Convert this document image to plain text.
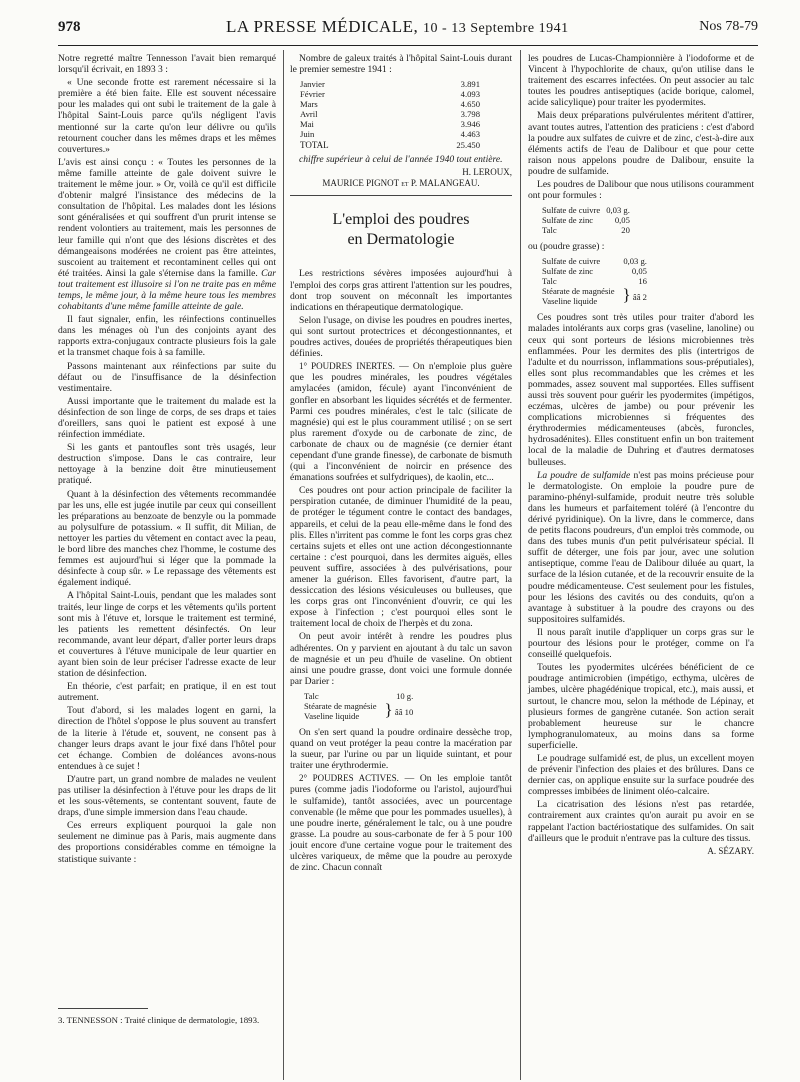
978	LA PRESSE MÉDICALE, 10 - 13 Septembre 1941	Nos 78-79

Notre regretté maître Tennesson l'avait bien remarqué lorsqu'il écrivait, en 1893 3 :

« Une seconde frotte est rarement nécessaire si la première a été bien faite. Elle est souvent nécessaire pour les malades qui ont subi le traitement de la gale à l'hôpital Saint-Louis parce qu'ils négligent l'avis mentionné sur la carte qu'on leur délivre ou qu'ils retournent coucher dans les mêmes draps et les mêmes couvertures.»

L'avis est ainsi conçu : « Toutes les personnes de la même famille atteinte de gale doivent suivre le traitement le même jour. » Or, voilà ce qu'il est difficile d'obtenir malgré l'insistance des médecins de la consultation de l'hôpital. Les malades dont les lésions sont généralisées et qui souffrent d'un prurit intense se rendent volontiers au traitement, mais les personnes de leur famille qui n'ont que des lésions discrètes et des démangeaisons modérées ne croient pas être atteintes, suscoient au traitement et recontaminent celles qui ont été traitées. Ainsi la gale s'éternise dans la famille. Car tout traitement est illusoire si l'on ne traite pas en même temps, le même jour, à la même heure tous les membres cohabitants d'une même famille atteinte de gale.

Il faut signaler, enfin, les réinfections continuelles dans les ménages où l'un des conjoints ayant des rapports extra-conjugaux contracte plusieurs fois la gale et la transmet chaque fois à sa famille.

Passons maintenant aux réinfections par suite du défaut ou de l'insuffisance de la désinfection vestimentaire.

Aussi importante que le traitement du malade est la désinfection de son linge de corps, de ses draps et taies d'oreillers, sans quoi le patient est exposé à une réinfection immédiate.

Si les gants et pantoufles sont très usagés, leur destruction s'impose. Dans le cas contraire, leur nettoyage à la benzine doit être minutieusement pratiqué.

Quant à la désinfection des vêtements recommandée par les uns, elle est jugée inutile par ceux qui conseillent les préparations au benzoate de benzyle ou la pommade au polysulfure de potassium. « Il suffit, dit Milian, de nettoyer les parties du vêtement en contact avec la peau, le bord libre des manches chez l'homme, le costume des femmes est aujourd'hui si léger que la pommade la désinfecte à coup sûr. » Le repassage des vêtements est également indiqué.

A l'hôpital Saint-Louis, pendant que les malades sont traités, leur linge de corps et les vêtements qu'ils portent sont mis à l'étuve et, lorsque le traitement est terminé, les patients les remettent désinfectés. On leur recommande, avant leur départ, d'aller porter leurs draps et couvertures à l'étuve municipale de leur quartier en ayant bien soin de leur préciser l'adresse exacte de leur station de désinfection.

En théorie, c'est parfait; en pratique, il en est tout autrement.

Tout d'abord, si les malades logent en garni, la direction de l'hôtel s'oppose le plus souvent au transfert de la literie à l'étude et, souvent, ne consent pas à changer leurs draps avant le jour fixé dans l'hôtel pour cet échange. Combien de doléances avons-nous entendues à ce sujet !

D'autre part, un grand nombre de malades ne veulent pas utiliser la désinfection à l'étuve pour les draps de lit et les sous-vêtements, se contentant souvent, faute de draps, d'une simple immersion dans l'eau chaude.

Ces erreurs expliquent pourquoi la gale non seulement ne diminue pas à Paris, mais augmente dans des proportions considérables comme en témoigne la statistique suivante :

3. TENNESSON : Traité clinique de dermatologie, 1893.

Nombre de galeux traités à l'hôpital Saint-Louis durant le premier semestre 1941 :

Janvier	3.891
Février	4.093
Mars	4.650
Avril	3.798
Mai	3.946
Juin	4.463
TOTAL	25.450

chiffre supérieur à celui de l'année 1940 tout entière.

H. LEROUX,
MAURICE PIGNOT et P. MALANGEAU.
L'emploi des poudres
en Dermatologie

Les restrictions sévères imposées aujourd'hui à l'emploi des corps gras attirent l'attention sur les poudres, dont trop souvent on méconnaît les importantes indications en thérapeutique dermatologique.

Selon l'usage, on divise les poudres en poudres inertes, qui sont surtout protectrices et décongestionnantes, et poudres actives, douées de propriétés thérapeutiques bien définies.

1° POUDRES INERTES. — On n'emploie plus guère que les poudres minérales, les poudres végétales amylacées (amidon, fécule) ayant l'inconvénient de gonfler en absorbant les liquides sécrétés et de fermenter. Parmi ces poudres minérales, c'est le talc (silicate de magnésie) qui est le plus couramment utilisé ; on se sert plus rarement d'oxyde ou de carbonate de zinc, de carbonate de chaux ou de magnésie (ce dernier étant cependant d'une grande finesse), de carbonate de bismuth (qui a l'inconvénient de noircir en présence des émanations soufrées et sulfydriques), de kaolin, etc...

Ces poudres ont pour action principale de faciliter la perspiration cutanée, de diminuer l'humidité de la peau, de protéger le tégument contre le contact des bandages, appareils, et celui de la peau elle-même dans le fond des plis. Elles n'irritent pas comme le font les corps gras chez certains sujets et elles ont une action décongestionnante certaine : c'est pourquoi, dans les dermites aiguës, elles peuvent suffire, associées à des pulvérisations, pour amener la guérison. Elles favorisent, d'autre part, la dessiccation des lésions vésiculeuses ou bulleuses, que les corps gras ont l'inconvénient d'ouvrir, ce qui les expose à l'infection ; c'est pourquoi elles sont le traitement local de choix de l'herpès et du zona.

On peut avoir intérêt à rendre les poudres plus adhérentes. On y parvient en ajoutant à du talc un savon de magnésie et un peu d'huile de vaseline. On obtient ainsi une poudre grasse, dont voici une formule donnée par Darier :

Talc	10 g.
Stéarate de magnésie	} ââ 10
Vaseline liquide	

On s'en sert quand la poudre ordinaire dessèche trop, quand on veut protéger la peau contre la macération par la sueur, par l'urine ou par un liquide suintant, et pour traiter une érythrodermie.

2° POUDRES ACTIVES. — On les emploie tantôt pures (comme jadis l'iodoforme ou l'aristol, aujourd'hui le sulfamide), tantôt associées, avec un pourcentage convenable (le même que pour les pommades usuelles), à une poudre inerte, généralement le talc, ou à une poudre grasse. La poudre au sous-carbonate de fer à 5 pour 100 jouit encore d'une certaine vogue pour le traitement des ulcères variqueux, de même que la poudre au peroxyde de zinc. Chacun connaît

les poudres de Lucas-Championnière à l'iodoforme et de Vincent à l'hypochlorite de chaux, qu'on utilise dans le traitement des escarres infectées. On peut associer au talc toutes les poudres antiseptiques (acide borique, calomel, acide salicylique) pour traiter les pyodermites.

Mais deux préparations pulvérulentes méritent d'attirer, avant toutes autres, l'attention des praticiens : c'est d'abord la poudre aux sulfates de cuivre et de zinc, c'est-à-dire aux éléments actifs de l'eau de Dalibour et que pour cette raison nous appelons poudre de Dalibour, ensuite la poudre de sulfamide.

Les poudres de Dalibour que nous utilisons couramment ont pour formules :

Sulfate de cuivre	0,03 g.
Sulfate de zinc	0,05
Talc	20

ou (poudre grasse) :

Sulfate de cuivre	0,03 g.
Sulfate de zinc	0,05
Talc	16
Stéarate de magnésie	} ââ 2
Vaseline liquide	

Ces poudres sont très utiles pour traiter d'abord les malades intolérants aux corps gras (vaseline, lanoline) ou ceux qui sont porteurs de lésions microbiennes très enflammées. Pour les dermites des plis (intertrigos de l'adulte et du nourrisson, inflammations sous-préputiales), elles sont plus recommandables que les crèmes et les pommades, assez souvent mal supportées. Elles suffisent aussi très souvent pour guérir les pyodermites (impétigos, eczémas, ulcères de jambe) ou pour prévenir les complications microbiennes si fréquentes des érythrodermies médicamenteuses (abcès, furoncles, hydrosadénites). Elles constituent enfin un bon traitement local de la maladie de Duhring et d'autres dermatoses bulleuses.

La poudre de sulfamide n'est pas moins précieuse pour le dermatologiste. On emploie la poudre pure de paramino-phényl-sulfamide, produit neutre très soluble dans les humeurs et parfaitement toléré (à l'encontre du dérivé pyridinique). On la livre, dans le commerce, dans de petits flacons poudreurs, d'un emploi très commode, ou dans des tubes munis d'un petit pulvérisateur spécial. Il suffit de déterger, une fois par jour, avec une solution antiseptique, comme l'eau de Dalibour diluée au quart, la surface de la lésion cutanée, et de la recouvrir ensuite de la poudre médicamenteuse. C'est seulement pour les fistules, pour les lésions des cavités ou des conduits, qu'on a avantage à substituer à la poudre des crayons ou des suppositoires sulfamidés.

Il nous paraît inutile d'appliquer un corps gras sur le pourtour des lésions pour le protéger, comme on l'a conseillé quelquefois.

Toutes les pyodermites ulcérées bénéficient de ce poudrage antimicrobien (impétigo, ecthyma, ulcères de jambes, ulcère phagédénique tropical, etc.), mais aussi, et surtout, le chancre mou, selon la méthode de Lépinay, et plusieurs formes de gangrène cutanée. Son action serait probablement heureuse sur le chancre lymphogranulomateux, au moins dans sa forme superficielle.

Le poudrage sulfamidé est, de plus, un excellent moyen de prévenir l'infection des plaies et des brûlures. Dans ce dernier cas, on applique ensuite sur la surface poudrée des compresses imbibées de liniment oléo-calcaire.

La cicatrisation des lésions n'est pas retardée, contrairement aux craintes qu'on aurait pu avoir en se rappelant l'action bactériostatique des sulfamides. On sait d'ailleurs que le produit n'entrave pas la culture des tissus.

A. SÉZARY.
